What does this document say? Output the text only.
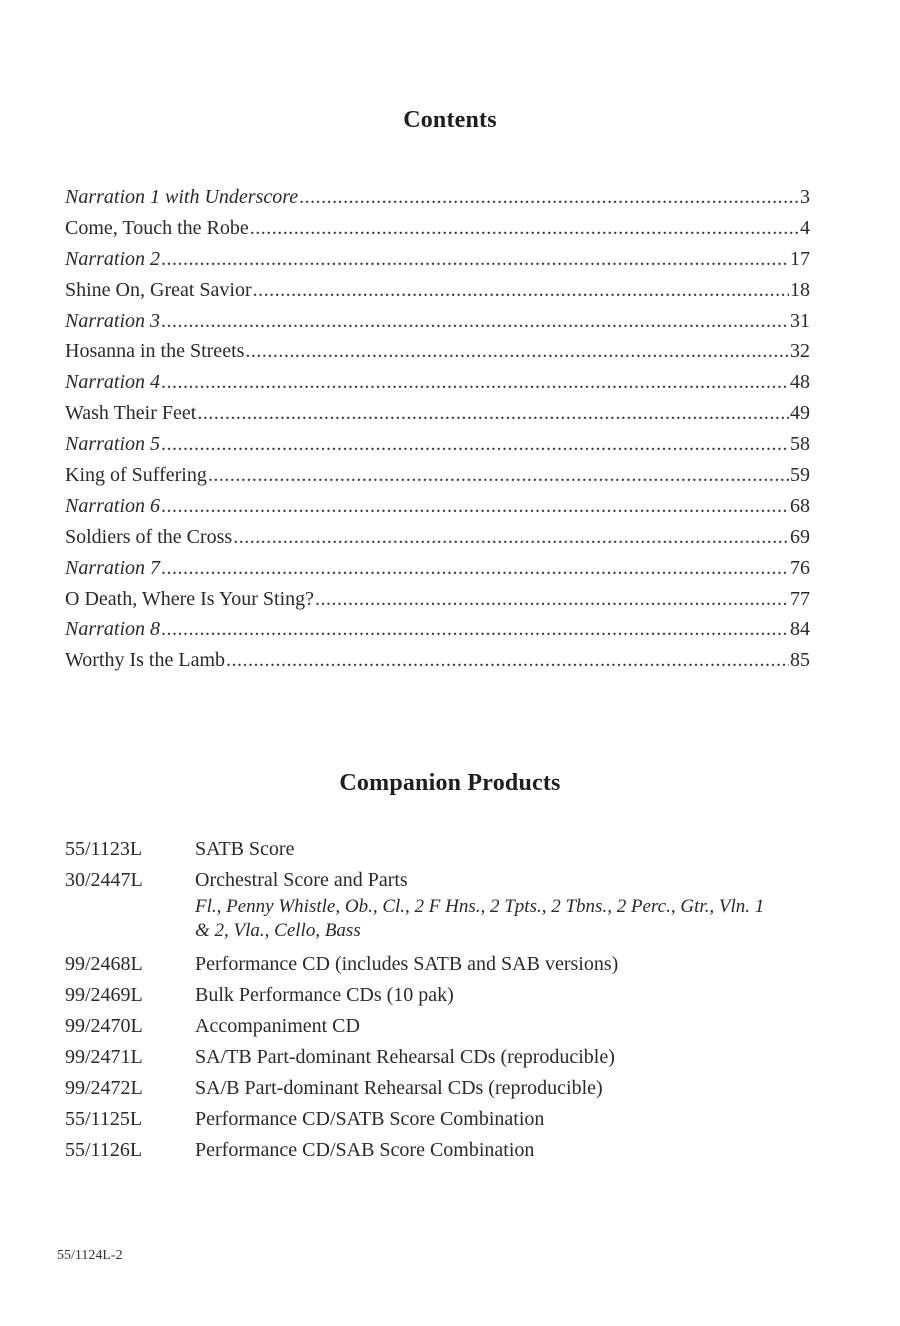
Contents
Narration 1 with Underscore .....	3
Come, Touch the Robe .....	4
Narration 2 .....	17
Shine On, Great Savior .....	18
Narration 3 .....	31
Hosanna in the Streets .....	32
Narration 4 .....	48
Wash Their Feet .....	49
Narration 5 .....	58
King of Suffering .....	59
Narration 6 .....	68
Soldiers of the Cross .....	69
Narration 7 .....	76
O Death, Where Is Your Sting? .....	77
Narration 8 .....	84
Worthy Is the Lamb .....	85
Companion Products
55/1123L	SATB Score
30/2447L	Orchestral Score and Parts
Fl., Penny Whistle, Ob., Cl., 2 F Hns., 2 Tpts., 2 Tbns., 2 Perc., Gtr., Vln. 1 & 2, Vla., Cello, Bass
99/2468L	Performance CD (includes SATB and SAB versions)
99/2469L	Bulk Performance CDs (10 pak)
99/2470L	Accompaniment CD
99/2471L	SA/TB Part-dominant Rehearsal CDs (reproducible)
99/2472L	SA/B Part-dominant Rehearsal CDs (reproducible)
55/1125L	Performance CD/SATB Score Combination
55/1126L	Performance CD/SAB Score Combination
55/1124L-2
